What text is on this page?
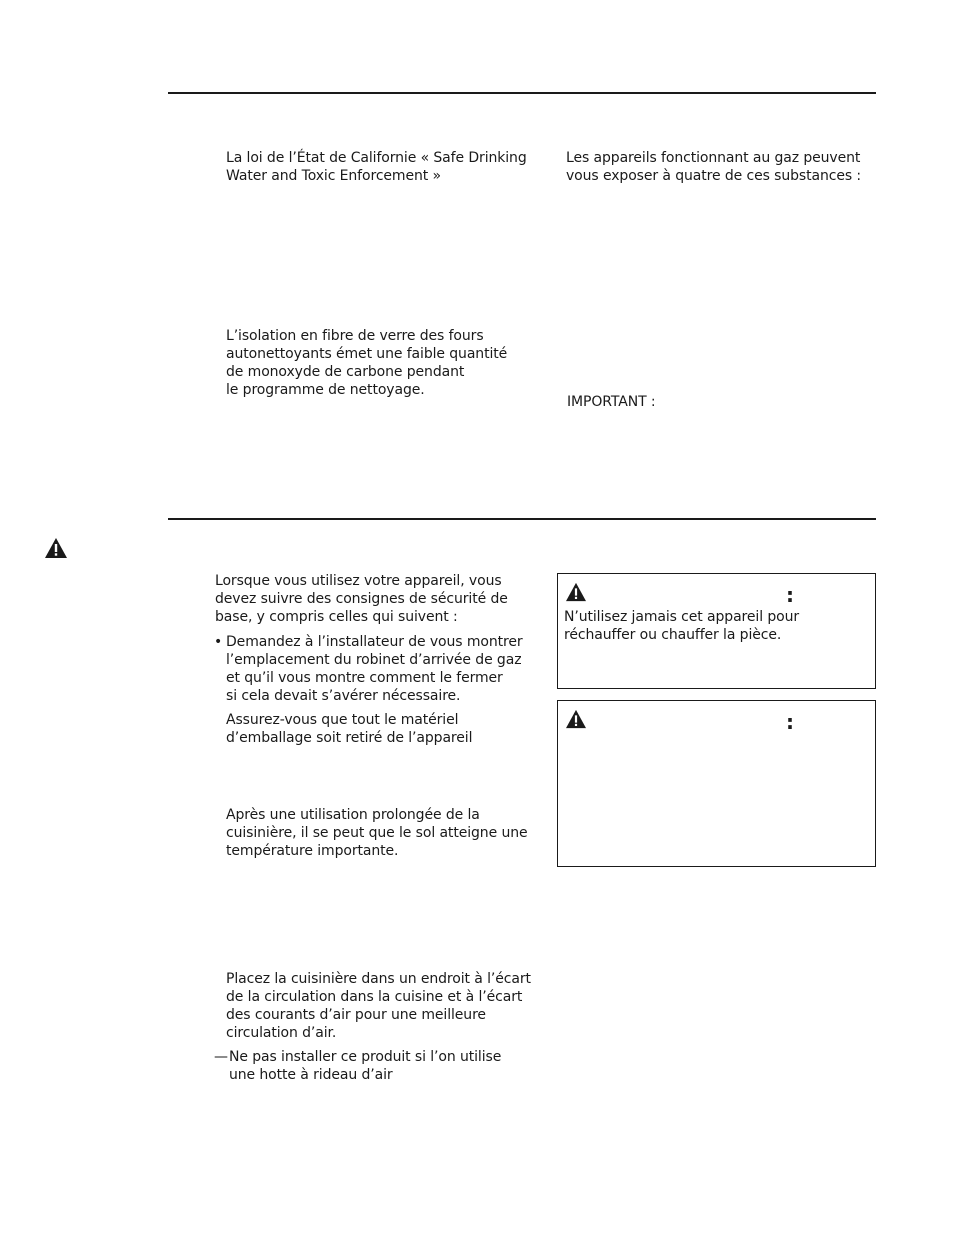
La loi de l’État de Californie « Safe Drinking
Water and Toxic Enforcement »
L’isolation en fibre de verre des fours
autonettoyants émet une faible quantité
de monoxyde de carbone pendant
le programme de nettoyage.
Les appareils fonctionnant au gaz peuvent
vous exposer à quatre de ces substances :
IMPORTANT :
Lorsque vous utilisez votre appareil, vous
devez suivre des consignes de sécurité de
base, y compris celles qui suivent :
• Demandez à l’installateur de vous montrer
l’emplacement du robinet d’arrivée de gaz
et qu’il vous montre comment le fermer
si cela devait s’avérer nécessaire.
Assurez-vous que tout le matériel
d’emballage soit retiré de l’appareil
Après une utilisation prolongée de la
cuisinière, il se peut que le sol atteigne une
température importante.
Placez la cuisinière dans un endroit à l’écart
de la circulation dans la cuisine et à l’écart
des courants d’air pour une meilleure
circulation d’air.
— Ne pas installer ce produit si l’on utilise
une hotte à rideau d’air
:
N’utilisez jamais cet appareil pour
réchauffer ou chauffer la pièce.
:
